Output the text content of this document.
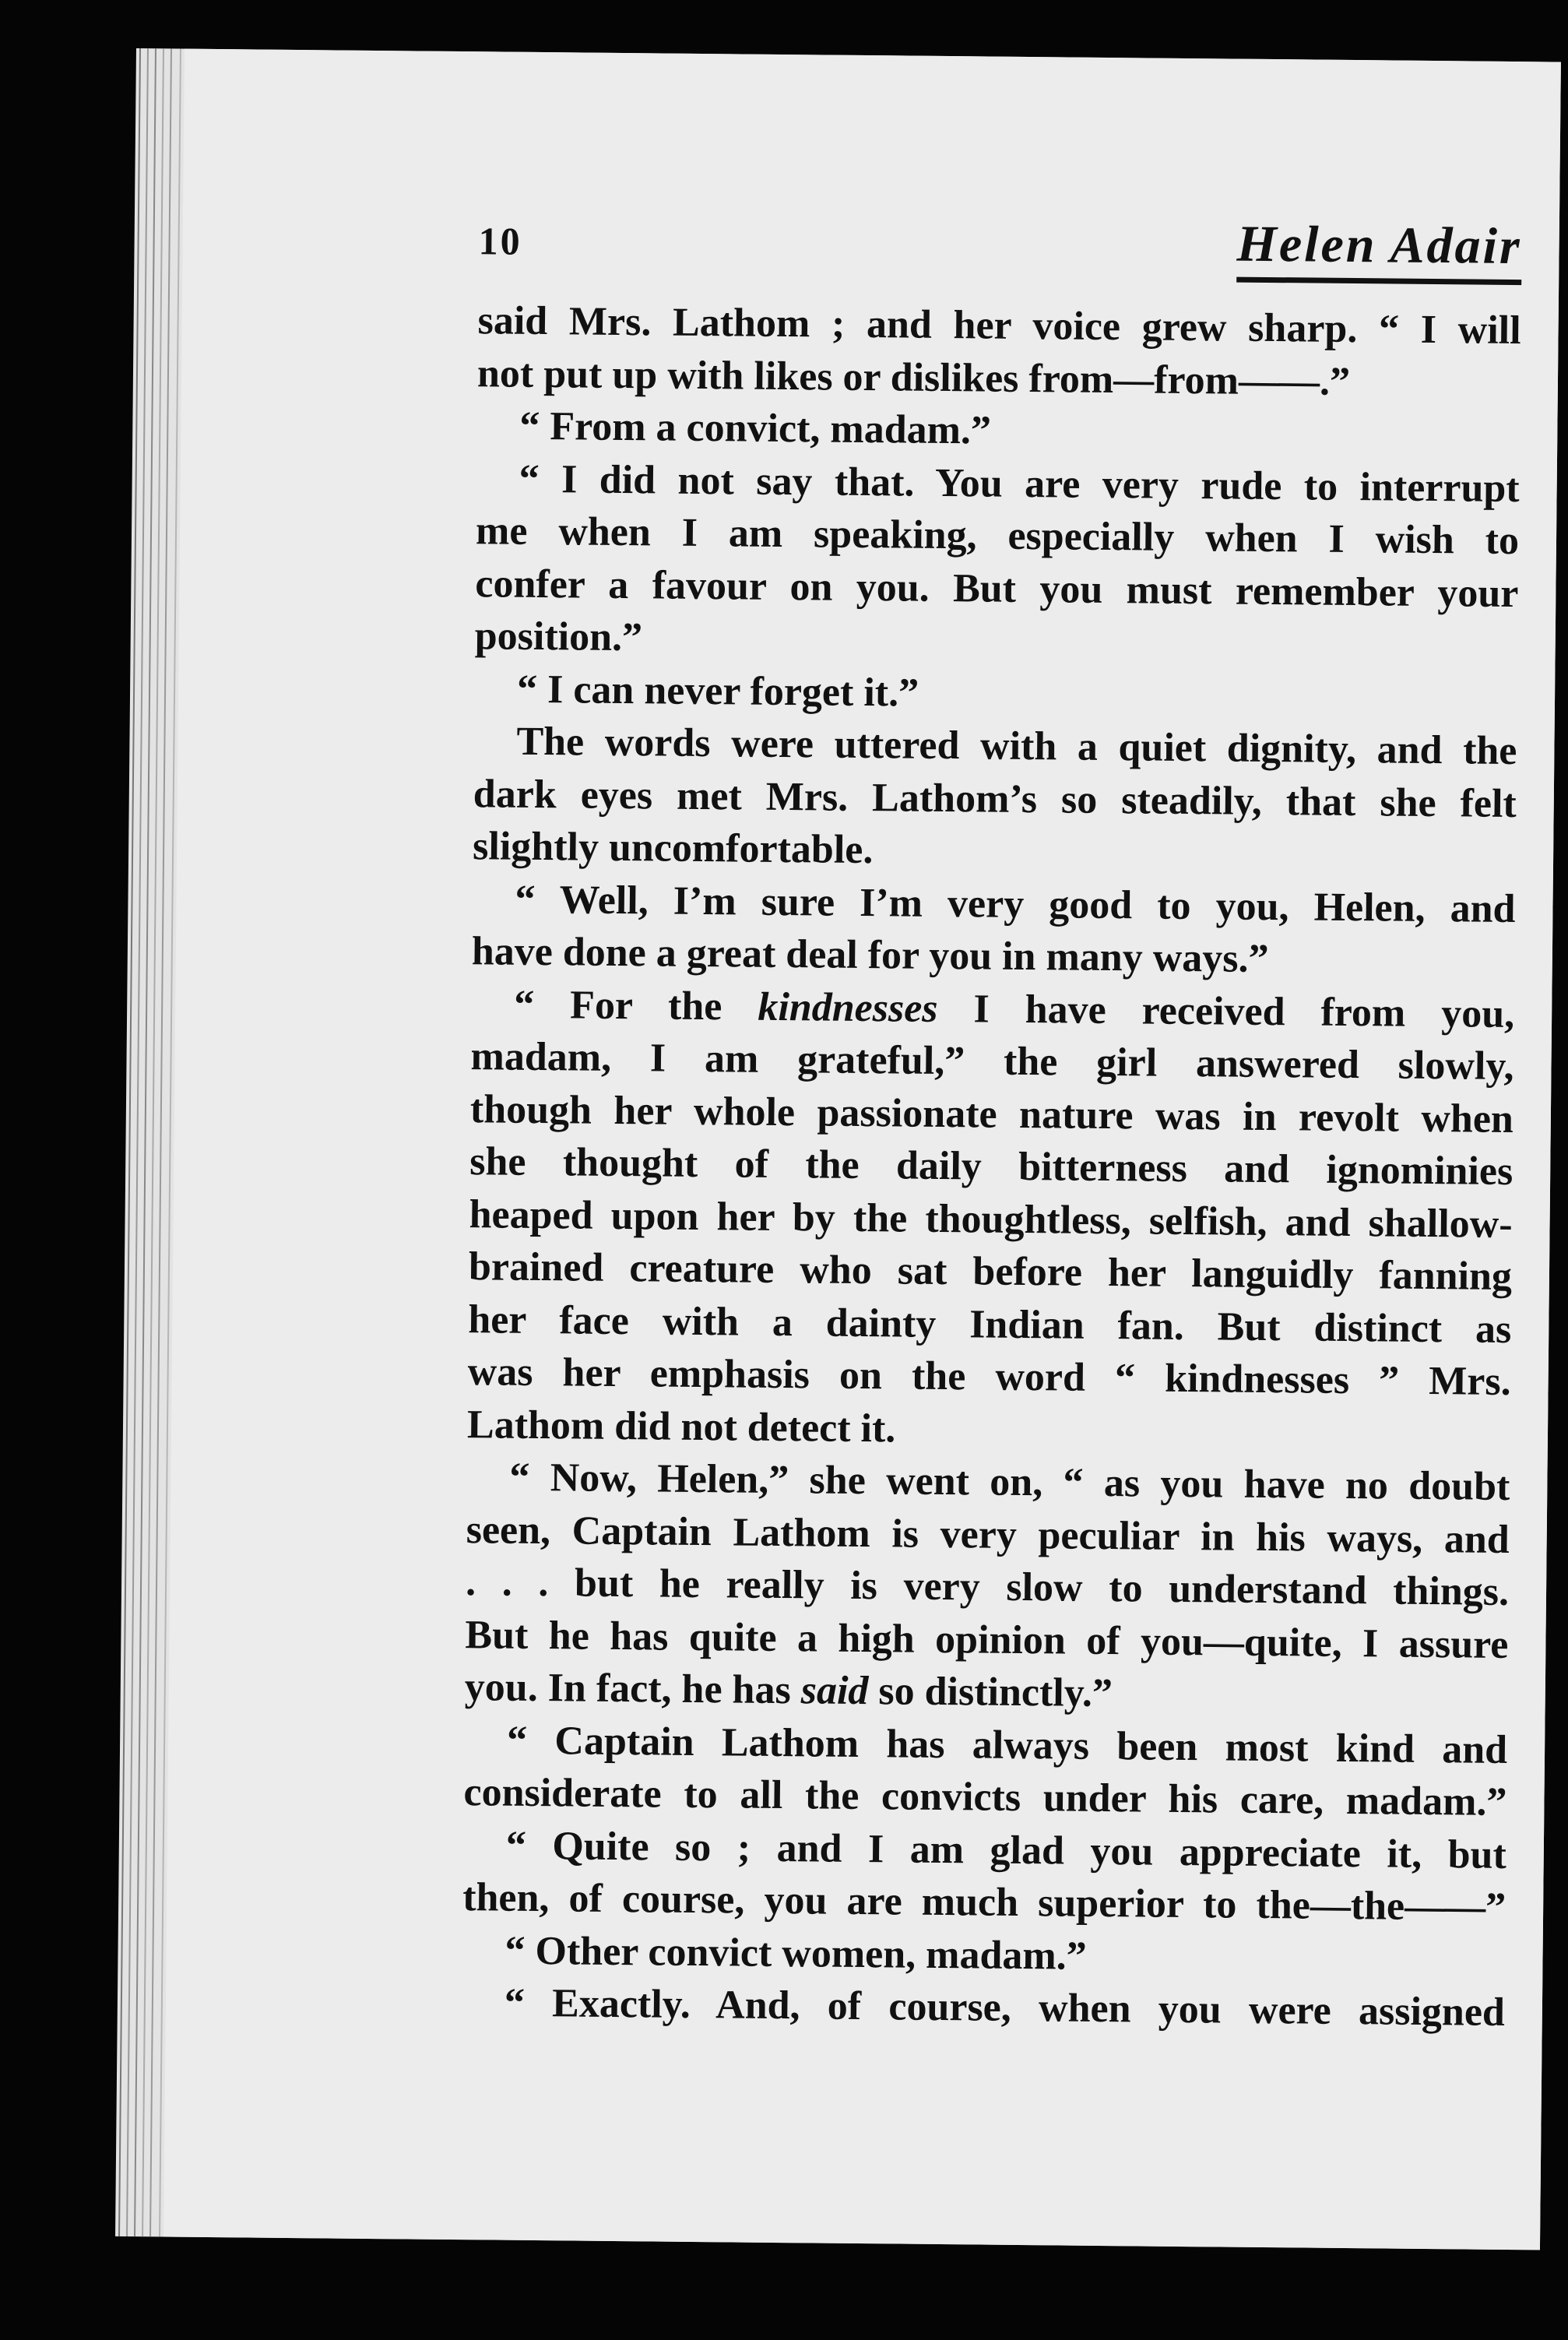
10	Helen Adair
said Mrs. Lathom ; and her voice grew sharp. “ I will
not put up with likes or dislikes from—from——.”
“ From a convict, madam.”
“ I did not say that. You are very rude to interrupt
me when I am speaking, especially when I wish to
confer a favour on you. But you must remember your
position.”
“ I can never forget it.”
The words were uttered with a quiet dignity, and the
dark eyes met Mrs. Lathom’s so steadily, that she felt
slightly uncomfortable.
“ Well, I’m sure I’m very good to you, Helen, and
have done a great deal for you in many ways.”
“ For the kindnesses I have received from you,
madam, I am grateful,” the girl answered slowly,
though her whole passionate nature was in revolt when
she thought of the daily bitterness and ignominies
heaped upon her by the thoughtless, selfish, and shallow-
brained creature who sat before her languidly fanning
her face with a dainty Indian fan. But distinct as
was her emphasis on the word “ kindnesses ” Mrs.
Lathom did not detect it.
“ Now, Helen,” she went on, “ as you have no doubt
seen, Captain Lathom is very peculiar in his ways, and
. . . but he really is very slow to understand things.
But he has quite a high opinion of you—quite, I assure
you. In fact, he has said so distinctly.”
“ Captain Lathom has always been most kind and
considerate to all the convicts under his care, madam.”
“ Quite so ; and I am glad you appreciate it, but
then, of course, you are much superior to the—the——”
“ Other convict women, madam.”
“ Exactly. And, of course, when you were assigned
